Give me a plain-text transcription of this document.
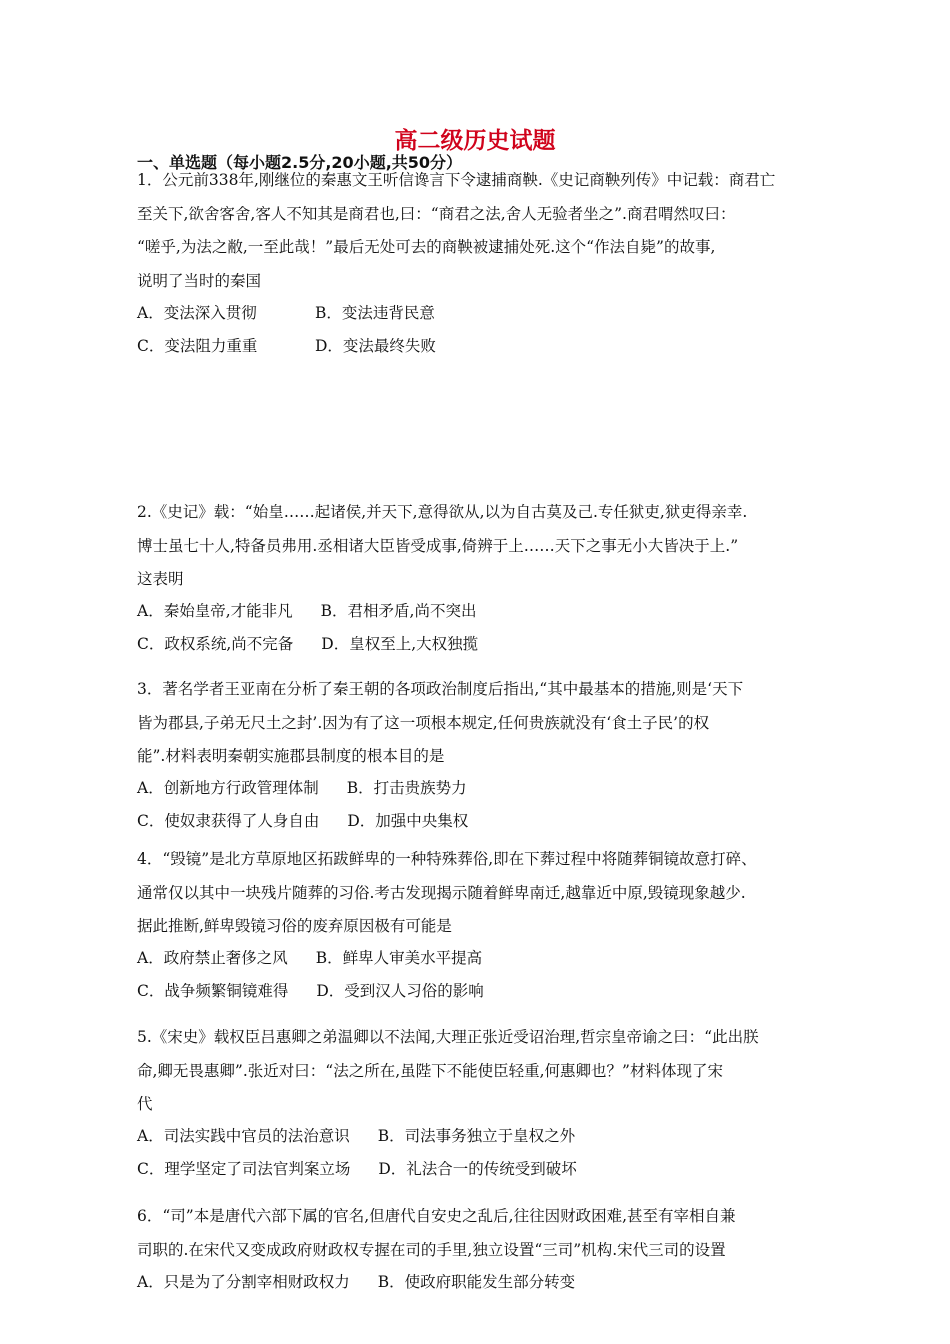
高二级历史试题
一、单选题（每小题2.5分,20小题,共50分）
1．公元前338年,刚继位的秦惠文王听信谗言下令逮捕商鞅.《史记商鞅列传》中记载：商君亡
至关下,欲舍客舍,客人不知其是商君也,曰：“商君之法,舍人无验者坐之”.商君喟然叹曰：
“嗟乎,为法之敝,一至此哉！”最后无处可去的商鞅被逮捕处死.这个“作法自毙”的故事,
说明了当时的秦国
A．变法深入贯彻	B．变法违背民意
C．变法阻力重重	D．变法最终失败
2.《史记》载：“始皇……起诸侯,并天下,意得欲从,以为自古莫及己.专任狱吏,狱吏得亲幸.
博士虽七十人,特备员弗用.丞相诸大臣皆受成事,倚辨于上……天下之事无小大皆决于上.”
这表明
A．秦始皇帝,才能非凡 B．君相矛盾,尚不突出
C．政权系统,尚不完备 D．皇权至上,大权独揽
3．著名学者王亚南在分析了秦王朝的各项政治制度后指出,“其中最基本的措施,则是‘天下
皆为郡县,子弟无尺土之封’.因为有了这一项根本规定,任何贵族就没有‘食土子民’的权
能”.材料表明秦朝实施郡县制度的根本目的是
A．创新地方行政管理体制 B．打击贵族势力
C．使奴隶获得了人身自由 D．加强中央集权
4．“毁镜”是北方草原地区拓跋鲜卑的一种特殊葬俗,即在下葬过程中将随葬铜镜故意打碎、
通常仅以其中一块残片随葬的习俗.考古发现揭示随着鲜卑南迁,越靠近中原,毁镜现象越少.
据此推断,鲜卑毁镜习俗的废弃原因极有可能是
A．政府禁止奢侈之风 B．鲜卑人审美水平提高
C．战争频繁铜镜难得 D．受到汉人习俗的影响
5.《宋史》载权臣吕惠卿之弟温卿以不法闻,大理正张近受诏治理,哲宗皇帝谕之曰：“此出朕
命,卿无畏惠卿”.张近对曰：“法之所在,虽陛下不能使臣轻重,何惠卿也？”材料体现了宋
代
A．司法实践中官员的法治意识 B．司法事务独立于皇权之外
C．理学坚定了司法官判案立场 D．礼法合一的传统受到破坏
6．“司”本是唐代六部下属的官名,但唐代自安史之乱后,往往因财政困难,甚至有宰相自兼
司职的.在宋代又变成政府财政权专握在司的手里,独立设置“三司”机构.宋代三司的设置
A．只是为了分割宰相财政权力 B．使政府职能发生部分转变
